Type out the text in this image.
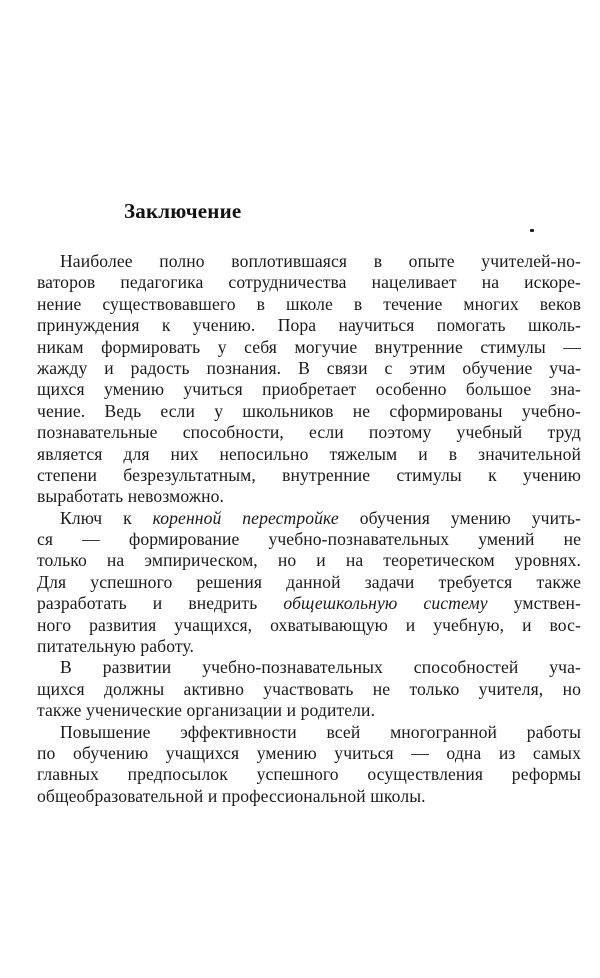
Заключение
Наиболее полно воплотившаяся в опыте учителей-но-
ваторов педагогика сотрудничества нацеливает на искоре-
нение существовавшего в школе в течение многих веков
принуждения к учению. Пора научиться помогать школь-
никам формировать у себя могучие внутренние стимулы —
жажду и радость познания. В связи с этим обучение уча-
щихся умению учиться приобретает особенно большое зна-
чение. Ведь если у школьников не сформированы учебно-
познавательные способности, если поэтому учебный труд
является для них непосильно тяжелым и в значительной
степени безрезультатным, внутренние стимулы к учению
выработать невозможно.
Ключ к коренной перестройке обучения умению учить-
ся — формирование учебно-познавательных умений не
только на эмпирическом, но и на теоретическом уровнях.
Для успешного решения данной задачи требуется также
разработать и внедрить общешкольную систему умствен-
ного развития учащихся, охватывающую и учебную, и вос-
питательную работу.
В развитии учебно-познавательных способностей уча-
щихся должны активно участвовать не только учителя, но
также ученические организации и родители.
Повышение эффективности всей многогранной работы
по обучению учащихся умению учиться — одна из самых
главных предпосылок успешного осуществления реформы
общеобразовательной и профессиональной школы.
